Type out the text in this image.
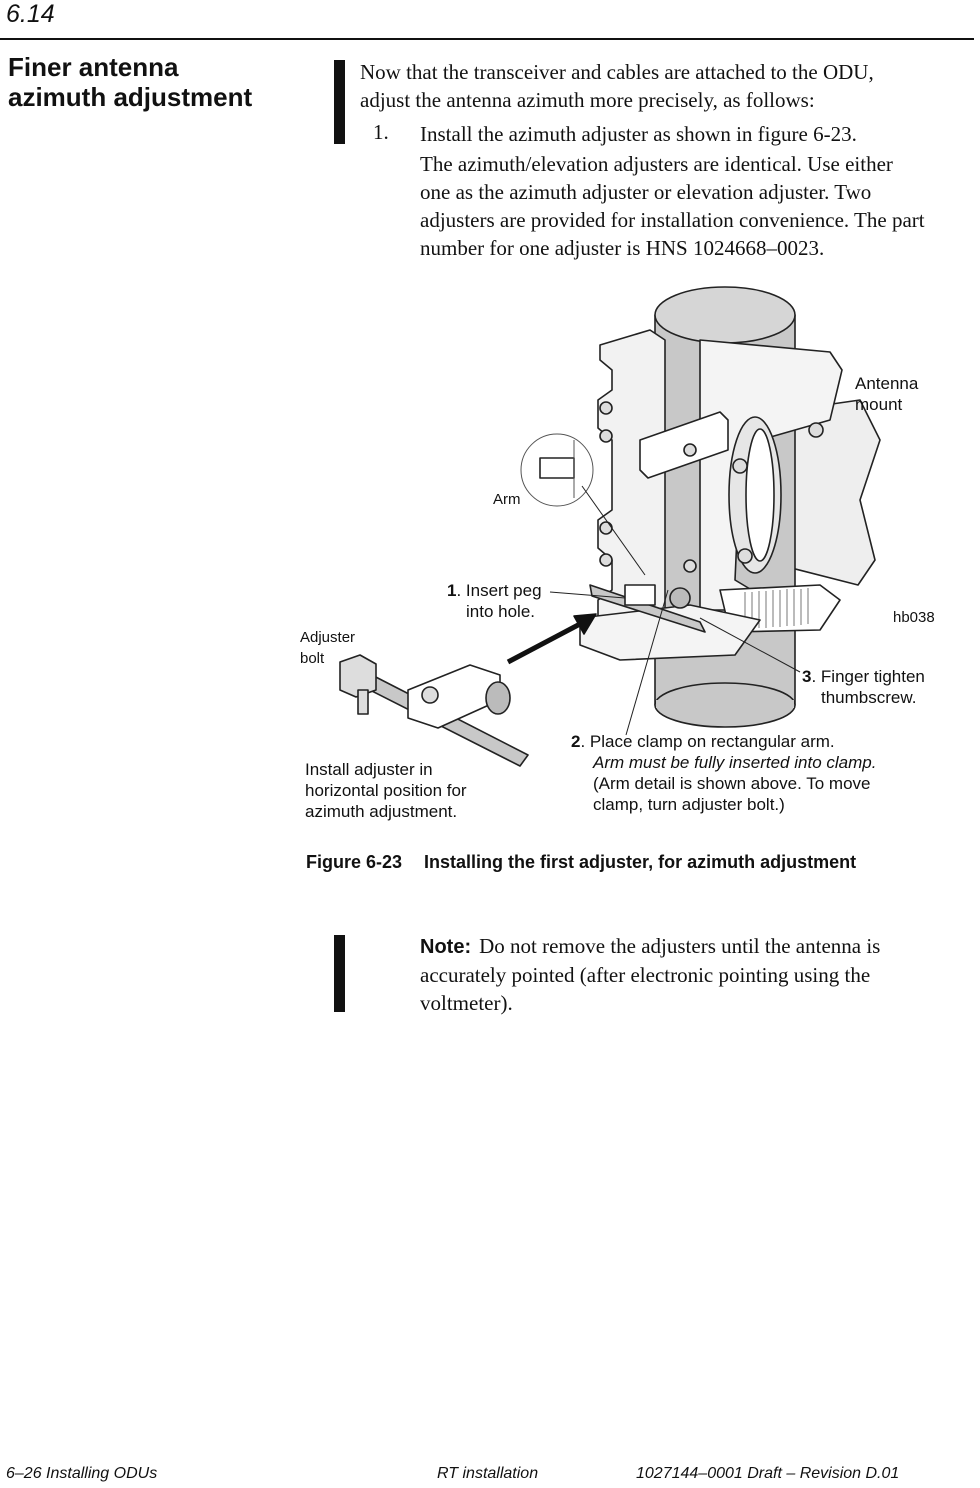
6.14
Finer antenna
azimuth adjustment
Now that the transceiver and cables are attached to the ODU,
adjust the antenna azimuth more precisely, as follows:
1. Install the azimuth adjuster as shown in figure 6-23.
The azimuth/elevation adjusters are identical. Use either
one as the azimuth adjuster or elevation adjuster. Two
adjusters are provided for installation convenience. The part
number for one adjuster is HNS 1024668–0023.
Antenna
mount
Arm
1. Insert peg
into hole.
Adjuster
bolt
hb038
3. Finger tighten
thumbscrew.
Install adjuster in
horizontal position for
azimuth adjustment.
2. Place clamp on rectangular arm.
Arm must be fully inserted into clamp.
(Arm detail is shown above. To move
clamp, turn adjuster bolt.)
Figure 6-23 Installing the first adjuster, for azimuth adjustment
Note: Do not remove the adjusters until the antenna is
accurately pointed (after electronic pointing using the
voltmeter).
6–26 Installing ODUs	RT installation	1027144–0001 Draft – Revision D.01
